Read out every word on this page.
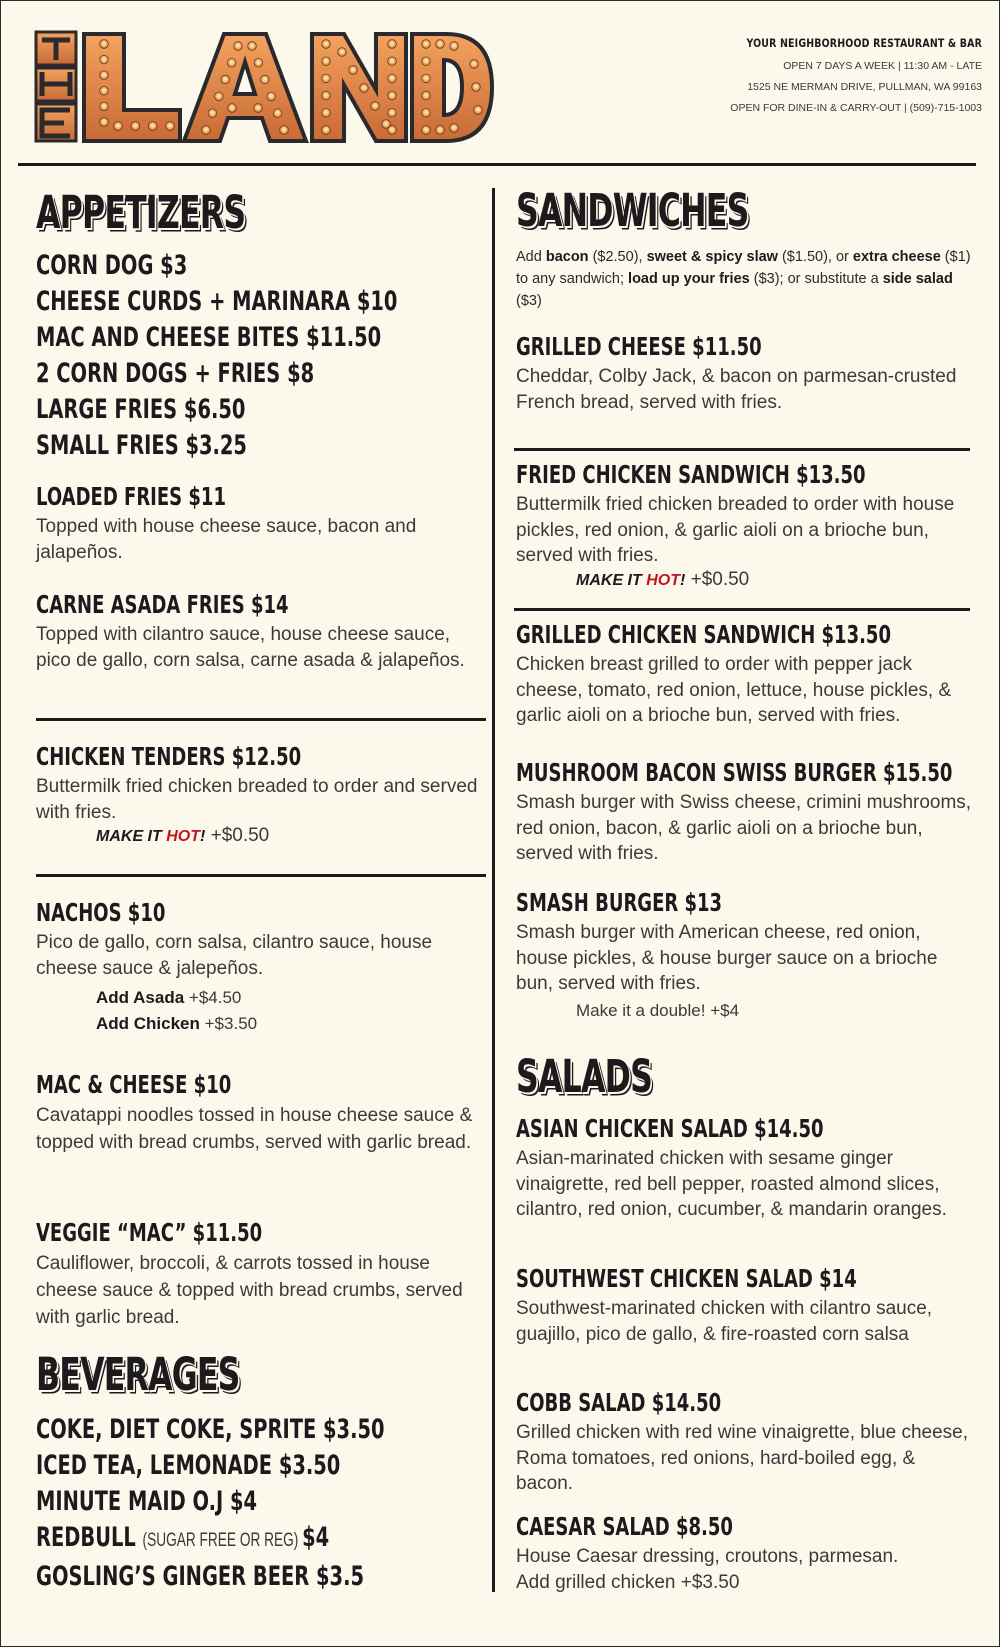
YOUR NEIGHBORHOOD RESTAURANT & BAR
OPEN 7 DAYS A WEEK | 11:30 AM - LATE
1525 NE MERMAN DRIVE, PULLMAN, WA 99163
OPEN FOR DINE-IN & CARRY-OUT | (509)-715-1003
APPETIZERS
CORN DOG $3
CHEESE CURDS + MARINARA $10
MAC AND CHEESE BITES $11.50
2 CORN DOGS + FRIES $8
LARGE FRIES $6.50
SMALL FRIES $3.25
LOADED FRIES $11
Topped with house cheese sauce, bacon and jalapeños.
CARNE ASADA FRIES $14
Topped with cilantro sauce, house cheese sauce, pico de gallo, corn salsa, carne asada & jalapeños.
CHICKEN TENDERS $12.50
Buttermilk fried chicken breaded to order and served with fries.
MAKE IT HOT! +$0.50
NACHOS $10
Pico de gallo, corn salsa, cilantro sauce, house cheese sauce & jalepeños.
Add Asada +$4.50
Add Chicken +$3.50
MAC & CHEESE $10
Cavatappi noodles tossed in house cheese sauce & topped with bread crumbs, served with garlic bread.
VEGGIE “MAC” $11.50
Cauliflower, broccoli, & carrots tossed in house cheese sauce & topped with bread crumbs, served with garlic bread.
BEVERAGES
COKE, DIET COKE, SPRITE $3.50
ICED TEA, LEMONADE $3.50
MINUTE MAID O.J $4
REDBULL (SUGAR FREE OR REG) $4
GOSLING’S GINGER BEER $3.5
SANDWICHES
Add bacon ($2.50), sweet & spicy slaw ($1.50), or extra cheese ($1) to any sandwich; load up your fries ($3); or substitute a side salad ($3)
GRILLED CHEESE $11.50
Cheddar, Colby Jack, & bacon on parmesan-crusted French bread, served with fries.
FRIED CHICKEN SANDWICH $13.50
Buttermilk fried chicken breaded to order with house pickles, red onion, & garlic aioli on a brioche bun, served with fries.
MAKE IT HOT! +$0.50
GRILLED CHICKEN SANDWICH $13.50
Chicken breast grilled to order with pepper jack cheese, tomato, red onion, lettuce, house pickles, & garlic aioli on a brioche bun, served with fries.
MUSHROOM BACON SWISS BURGER $15.50
Smash burger with Swiss cheese, crimini mushrooms, red onion, bacon, & garlic aioli on a brioche bun, served with fries.
SMASH BURGER $13
Smash burger with American cheese, red onion, house pickles, & house burger sauce on a brioche bun, served with fries.
Make it a double! +$4
SALADS
ASIAN CHICKEN SALAD $14.50
Asian-marinated chicken with sesame ginger vinaigrette, red bell pepper, roasted almond slices, cilantro, red onion, cucumber, & mandarin oranges.
SOUTHWEST CHICKEN SALAD $14
Southwest-marinated chicken with cilantro sauce, guajillo, pico de gallo, & fire-roasted corn salsa
COBB SALAD $14.50
Grilled chicken with red wine vinaigrette, blue cheese, Roma tomatoes, red onions, hard-boiled egg, & bacon.
CAESAR SALAD $8.50
House Caesar dressing, croutons, parmesan.
Add grilled chicken +$3.50
